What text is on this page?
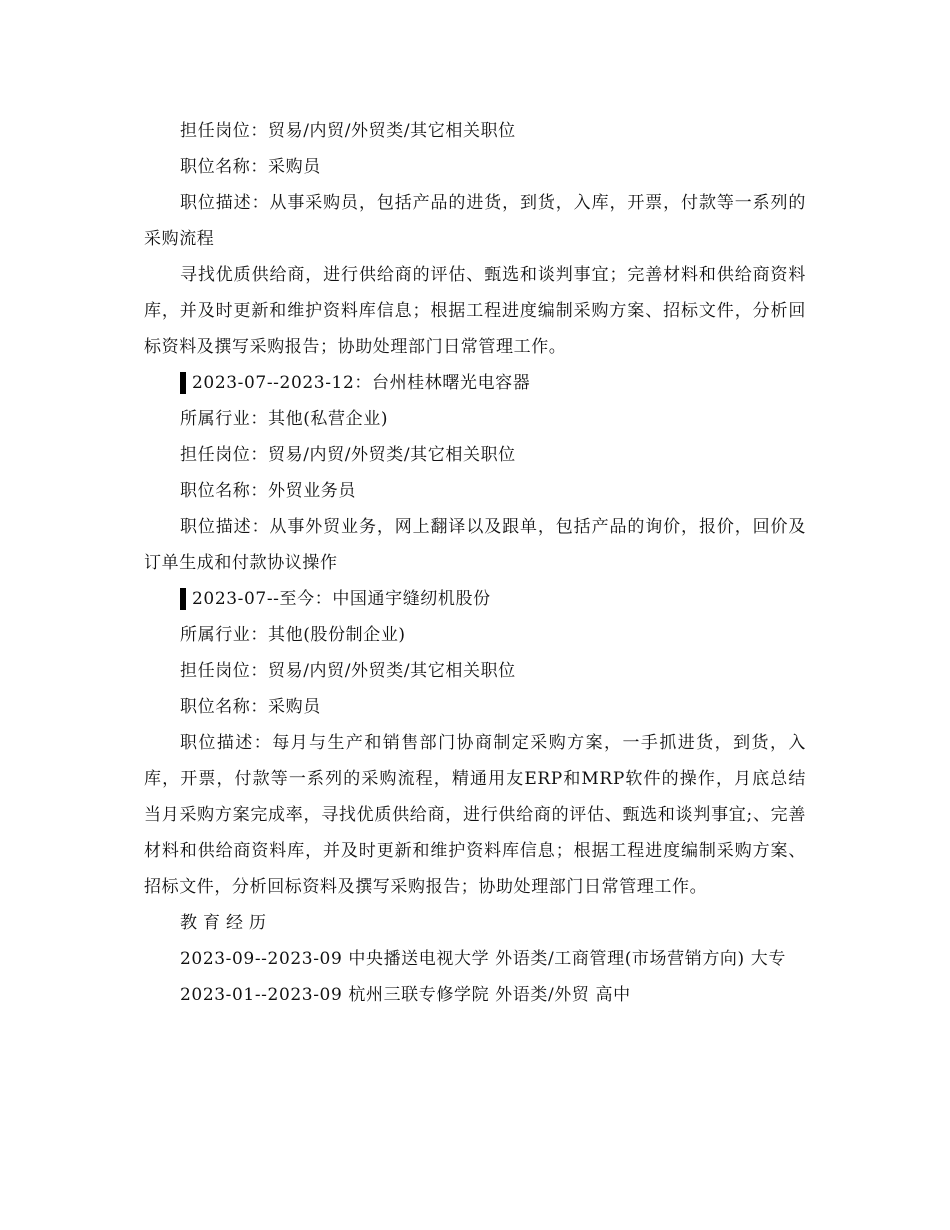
担任岗位：贸易/内贸/外贸类/其它相关职位

职位名称：采购员

职位描述：从事采购员，包括产品的进货，到货，入库，开票，付款等一系列的采购流程

寻找优质供给商，进行供给商的评估、甄选和谈判事宜；完善材料和供给商资料库，并及时更新和维护资料库信息；根据工程进度编制采购方案、招标文件，分析回标资料及撰写采购报告；协助处理部门日常管理工作。

2023-07--2023-12：台州桂林曙光电容器

所属行业：其他(私营企业)

担任岗位：贸易/内贸/外贸类/其它相关职位

职位名称：外贸业务员

职位描述：从事外贸业务，网上翻译以及跟单，包括产品的询价，报价，回价及订单生成和付款协议操作

2023-07--至今：中国通宇缝纫机股份

所属行业：其他(股份制企业)

担任岗位：贸易/内贸/外贸类/其它相关职位

职位名称：采购员

职位描述：每月与生产和销售部门协商制定采购方案，一手抓进货，到货，入库，开票，付款等一系列的采购流程，精通用友ERP和MRP软件的操作，月底总结当月采购方案完成率，寻找优质供给商，进行供给商的评估、甄选和谈判事宜;、完善材料和供给商资料库，并及时更新和维护资料库信息；根据工程进度编制采购方案、招标文件，分析回标资料及撰写采购报告；协助处理部门日常管理工作。

教育经历

2023-09--2023-09 中央播送电视大学 外语类/工商管理(市场营销方向) 大专

2023-01--2023-09 杭州三联专修学院 外语类/外贸 高中
